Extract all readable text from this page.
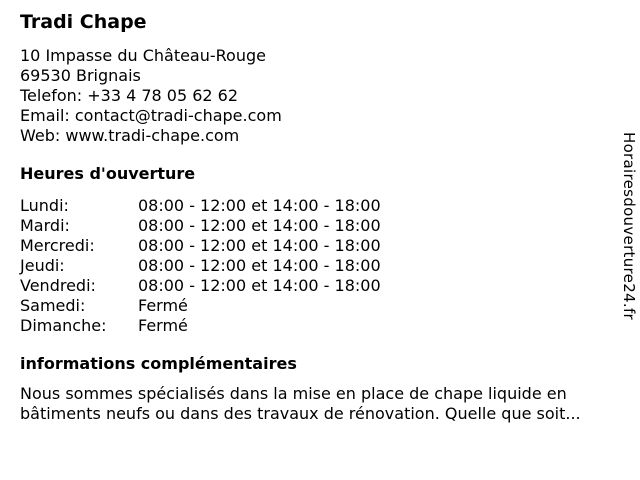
Tradi Chape
10 Impasse du Château-Rouge
69530 Brignais
Telefon: +33 4 78 05 62 62
Email: contact@tradi-chape.com
Web: www.tradi-chape.com
Heures d'ouverture
Lundi:	08:00 - 12:00 et 14:00 - 18:00
Mardi:	08:00 - 12:00 et 14:00 - 18:00
Mercredi:	08:00 - 12:00 et 14:00 - 18:00
Jeudi:	08:00 - 12:00 et 14:00 - 18:00
Vendredi:	08:00 - 12:00 et 14:00 - 18:00
Samedi:	Fermé
Dimanche:	Fermé
informations complémentaires
Nous sommes spécialisés dans la mise en place de chape liquide en bâtiments neufs ou dans des travaux de rénovation. Quelle que soit...
Horairesdouverture24.fr
